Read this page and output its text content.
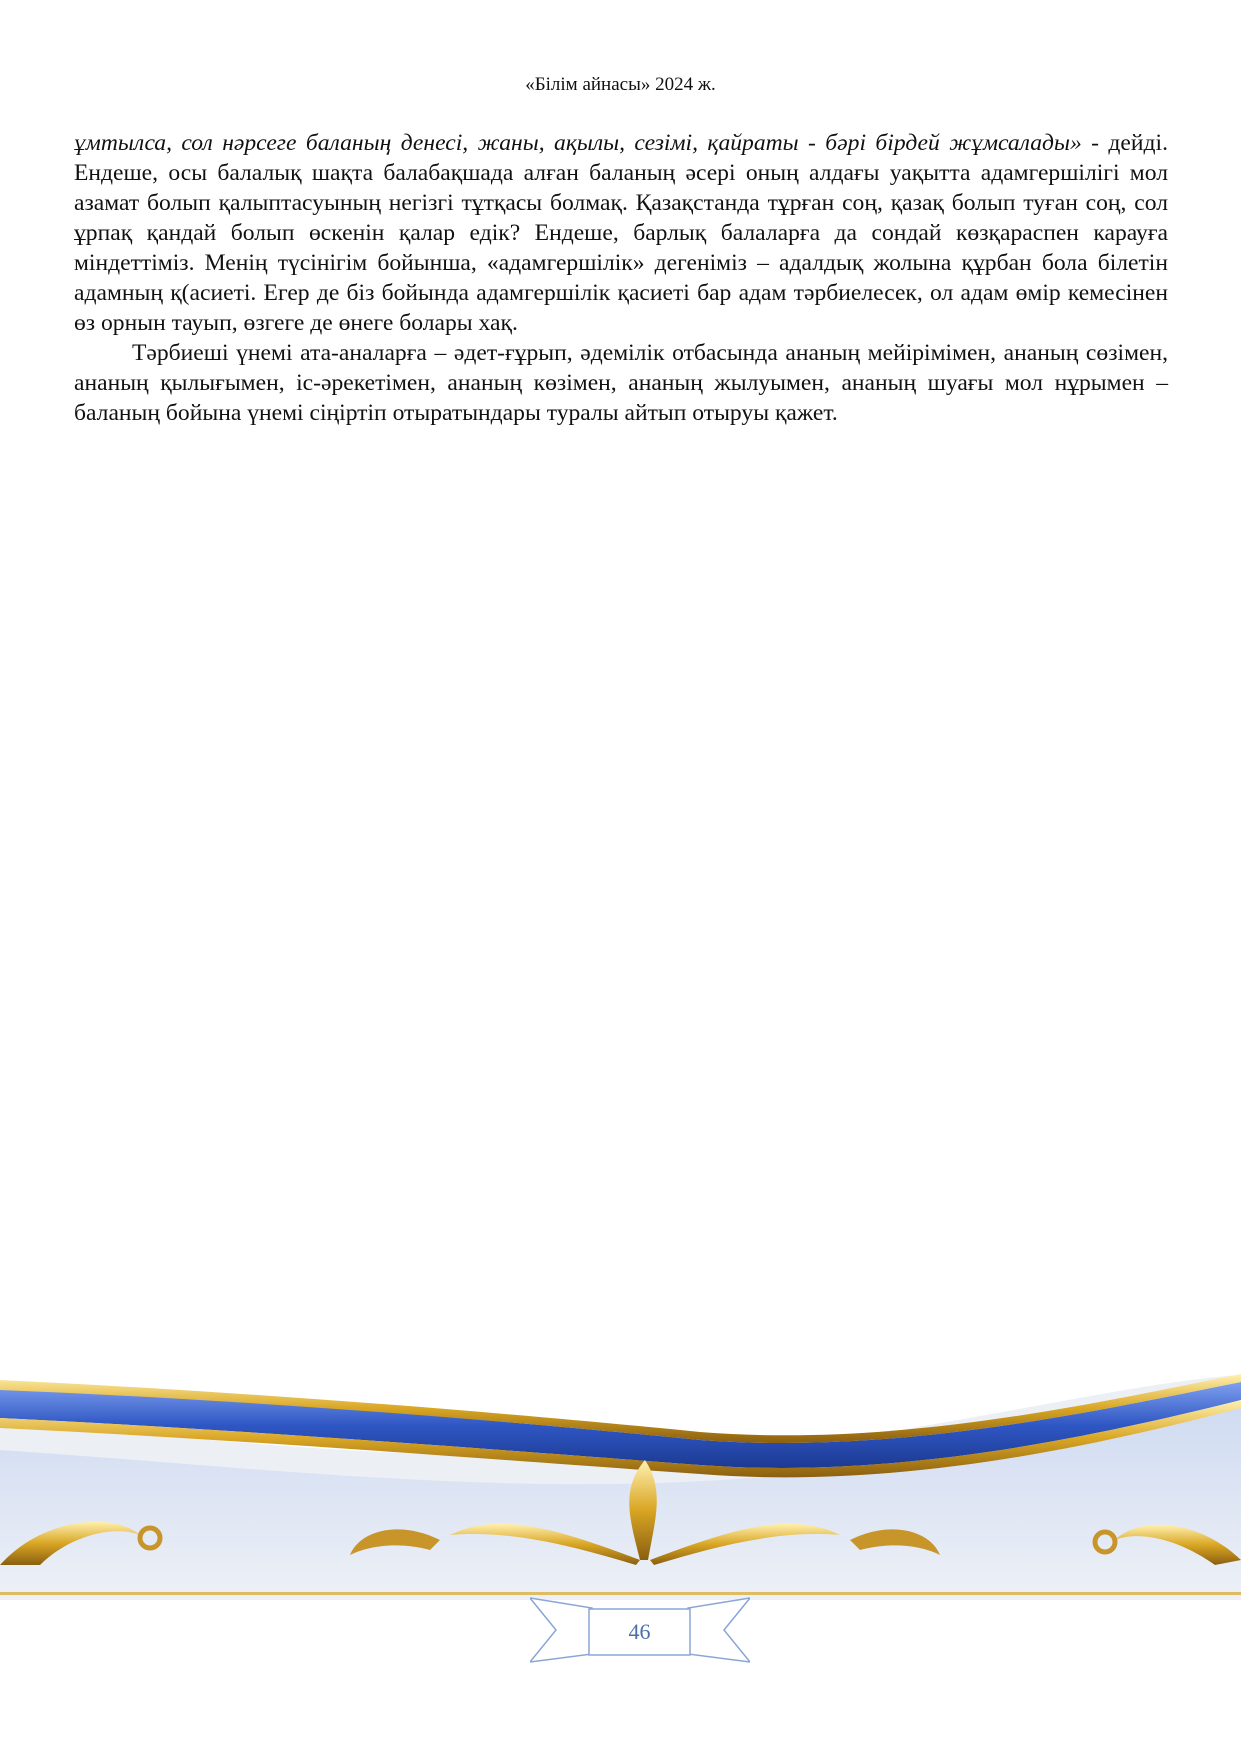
«Білім айнасы» 2024 ж.

ұмтылса, сол нәрсеге баланың денесі, жаны, ақылы, сезімі, қайраты - бәрі бірдей жұмсалады» - дейді. Ендеше, осы балалық шақта балабақшада алған баланың әсері оның алдағы уақытта адамгершілігі мол азамат болып қалыптасуының негізгі тұтқасы болмақ. Қазақстанда тұрған соң, қазақ болып туған соң, сол ұрпақ қандай болып өскенін қалар едік? Ендеше, барлық балаларға да сондай көзқараспен карауға міндеттіміз. Менің түсінігім бойынша, «адамгершілік» дегеніміз – адалдық жолына құрбан бола білетін адамның қ(асиеті. Егер де біз бойында адамгершілік қасиеті бар адам тәрбиелесек, ол адам өмір кемесінен өз орнын тауып, өзгеге де өнеге болары хақ.

Тәрбиеші үнемі ата-аналарға – әдет-ғұрып, әдемілік отбасында ананың мейірімімен, ананың сөзімен, ананың қылығымен, іс-әрекетімен, ананың көзімен, ананың жылуымен, ананың шуағы мол нұрымен – баланың бойына үнемі сіңіртіп отыратындары туралы айтып отыруы қажет.

46
